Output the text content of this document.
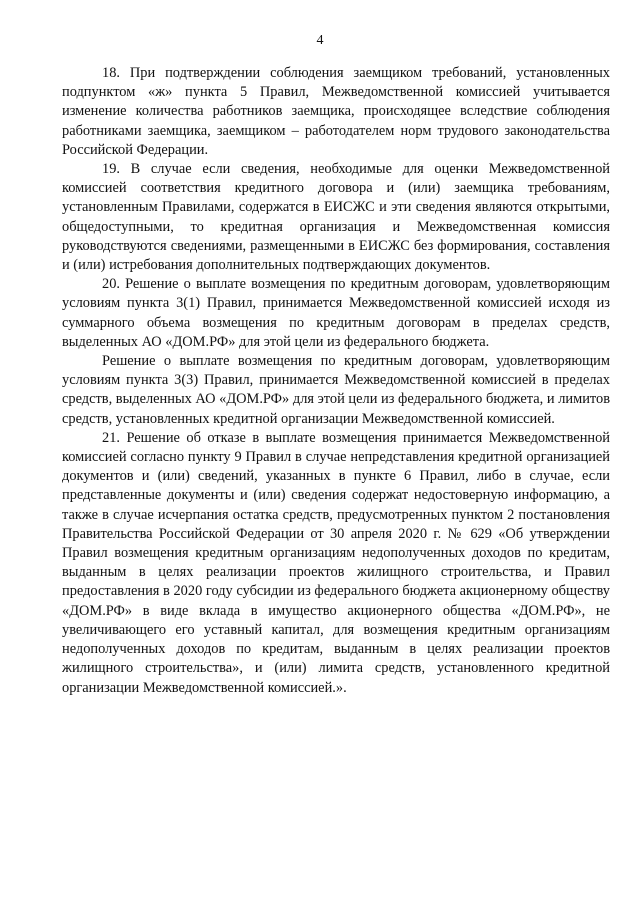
4

18. При подтверждении соблюдения заемщиком требований, установленных подпунктом «ж» пункта 5 Правил, Межведомственной комиссией учитывается изменение количества работников заемщика, происходящее вследствие соблюдения работниками заемщика, заемщиком – работодателем норм трудового законодательства Российской Федерации.

19. В случае если сведения, необходимые для оценки Межведомственной комиссией соответствия кредитного договора и (или) заемщика требованиям, установленным Правилами, содержатся в ЕИСЖС и эти сведения являются открытыми, общедоступными, то кредитная организация и Межведомственная комиссия руководствуются сведениями, размещенными в ЕИСЖС без формирования, составления и (или) истребования дополнительных подтверждающих документов.

20. Решение о выплате возмещения по кредитным договорам, удовлетворяющим условиям пункта 3(1) Правил, принимается Межведомственной комиссией исходя из суммарного объема возмещения по кредитным договорам в пределах средств, выделенных АО «ДОМ.РФ» для этой цели из федерального бюджета.

Решение о выплате возмещения по кредитным договорам, удовлетворяющим условиям пункта 3(3) Правил, принимается Межведомственной комиссией в пределах средств, выделенных АО «ДОМ.РФ» для этой цели из федерального бюджета, и лимитов средств, установленных кредитной организации Межведомственной комиссией.

21. Решение об отказе в выплате возмещения принимается Межведомственной комиссией согласно пункту 9 Правил в случае непредставления кредитной организацией документов и (или) сведений, указанных в пункте 6 Правил, либо в случае, если представленные документы и (или) сведения содержат недостоверную информацию, а также в случае исчерпания остатка средств, предусмотренных пунктом 2 постановления Правительства Российской Федерации от 30 апреля 2020 г. № 629 «Об утверждении Правил возмещения кредитным организациям недополученных доходов по кредитам, выданным в целях реализации проектов жилищного строительства, и Правил предоставления в 2020 году субсидии из федерального бюджета акционерному обществу «ДОМ.РФ» в виде вклада в имущество акционерного общества «ДОМ.РФ», не увеличивающего его уставный капитал, для возмещения кредитным организациям недополученных доходов по кредитам, выданным в целях реализации проектов жилищного строительства», и (или) лимита средств, установленного кредитной организации Межведомственной комиссией.».
